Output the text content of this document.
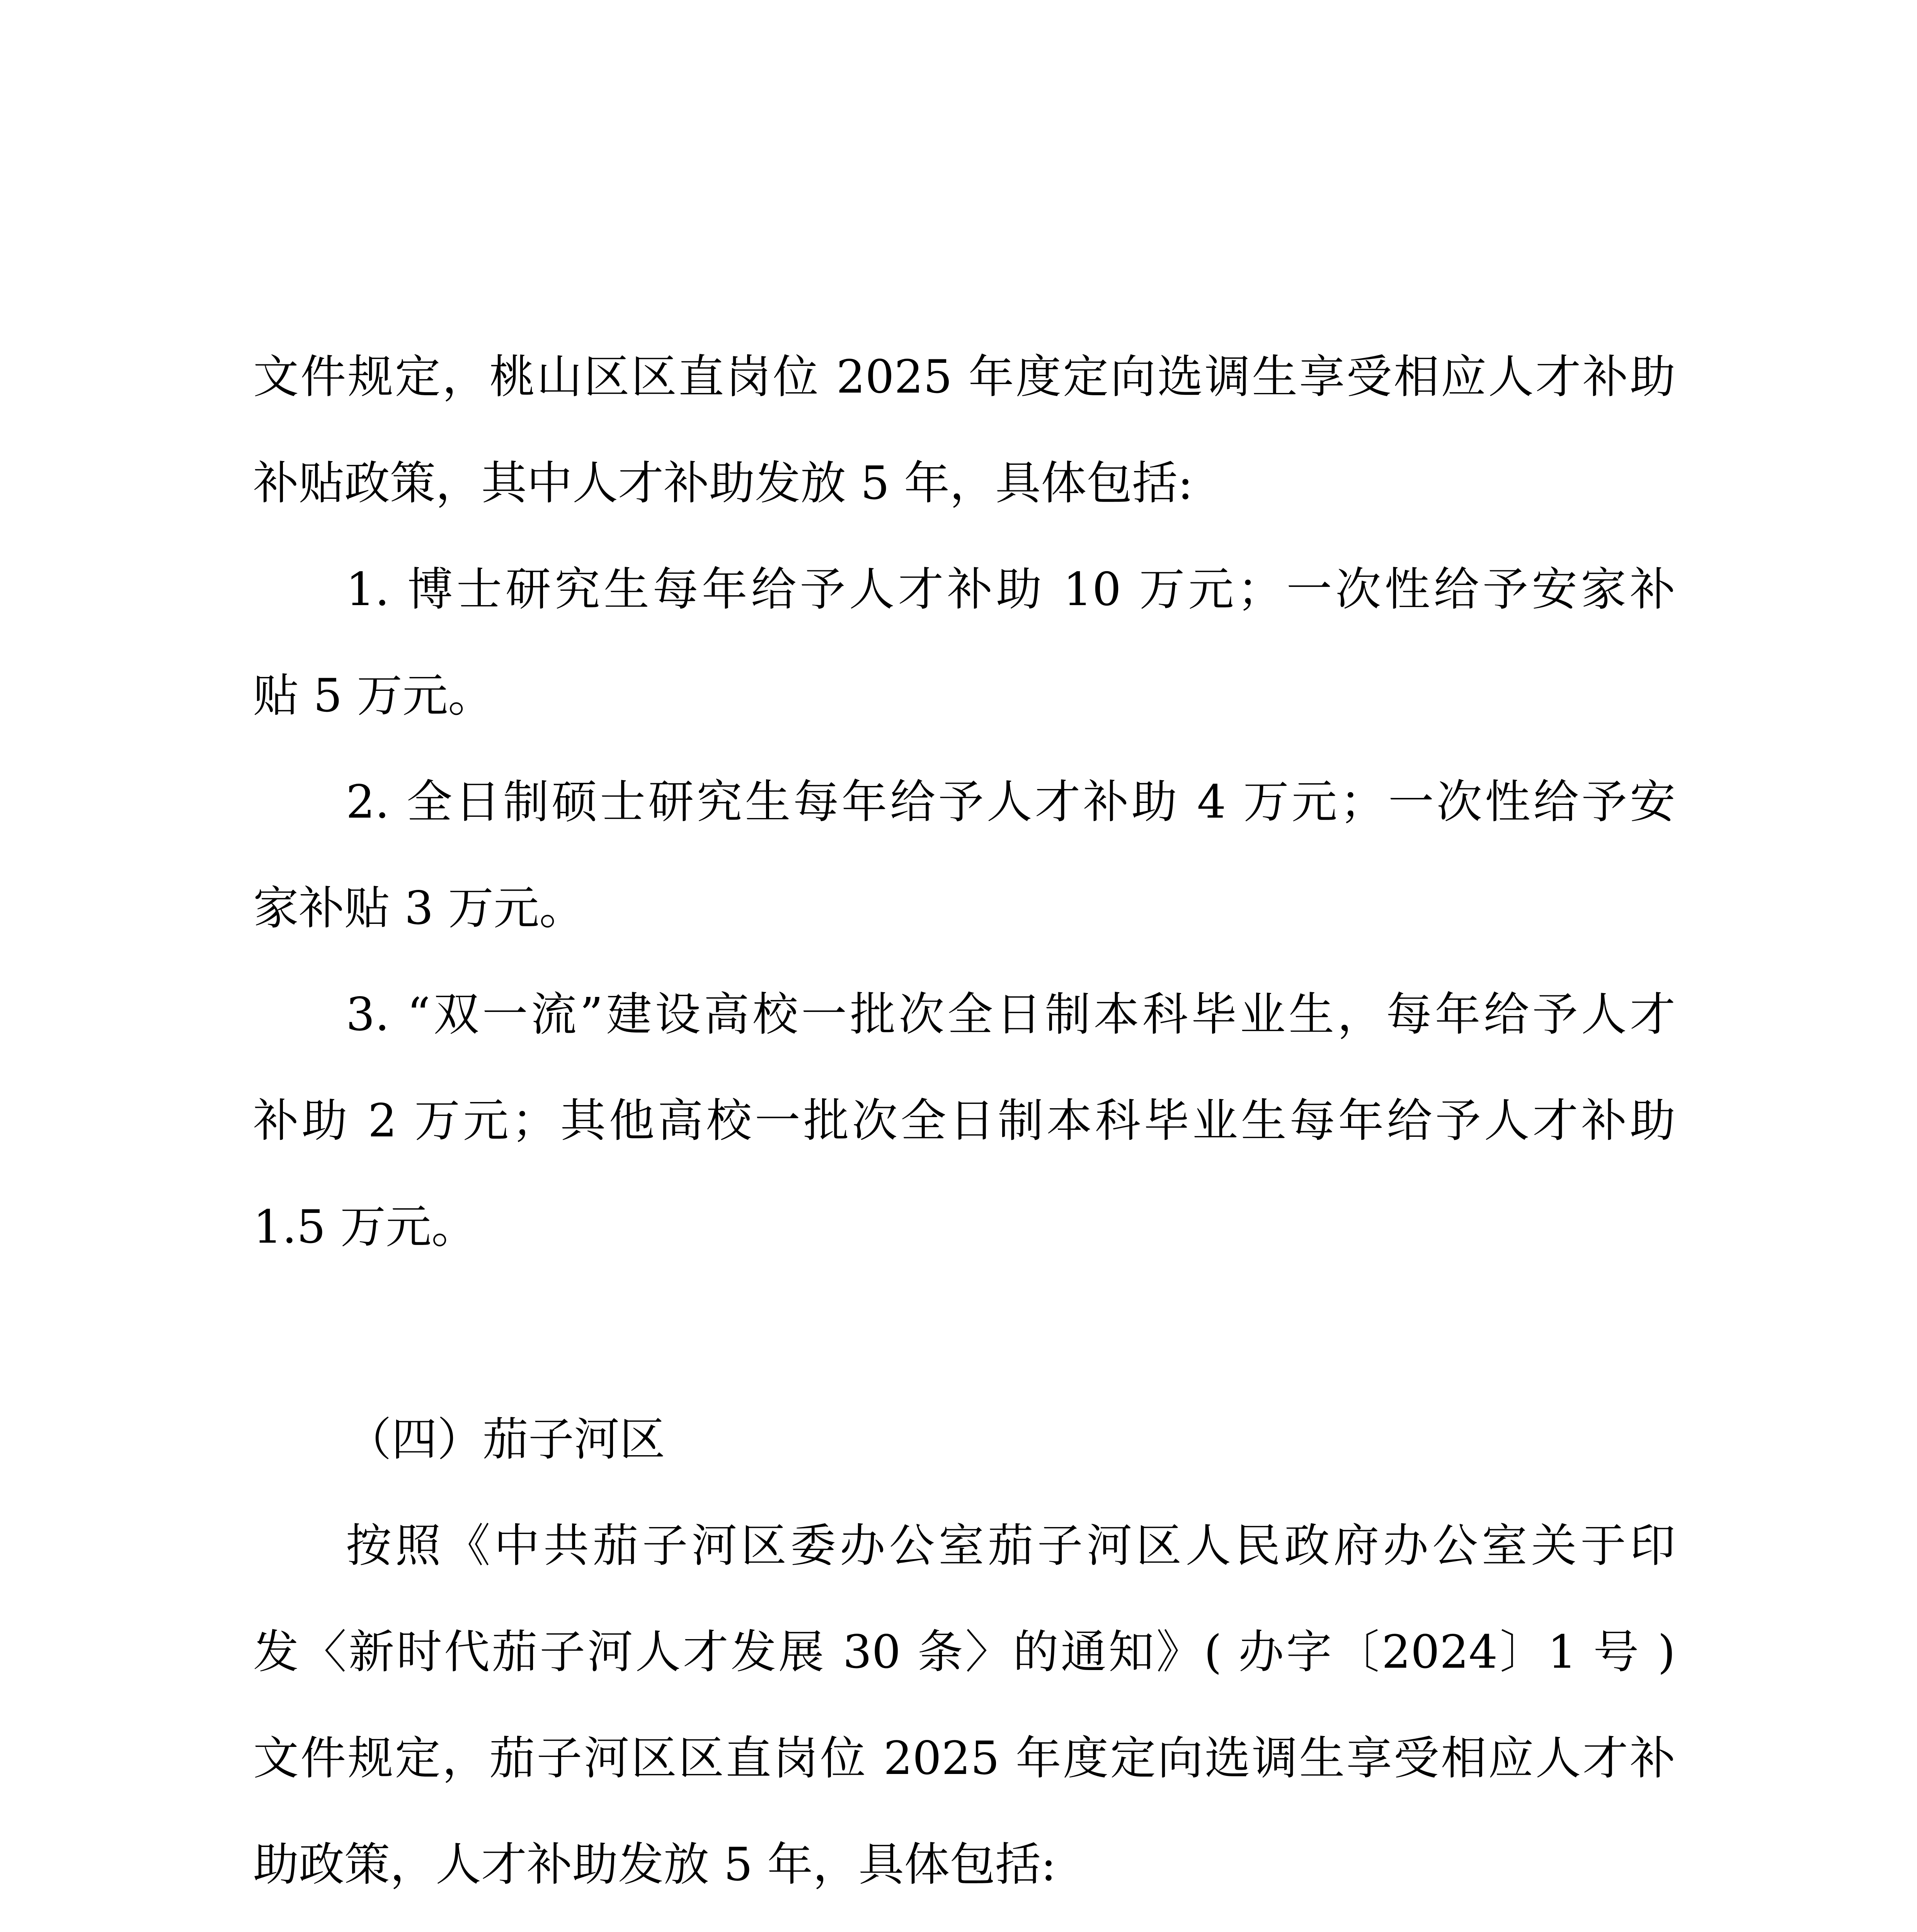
文件规定，桃山区区直岗位 2025 年度定向选调生享受相应人才补助
补贴政策，其中人才补助发放 5 年，具体包括:
1. 博士研究生每年给予人才补助 10 万元；一次性给予安家补
贴 5 万元。
2. 全日制硕士研究生每年给予人才补助 4 万元；一次性给予安
家补贴 3 万元。
3. “双一流”建设高校一批次全日制本科毕业生，每年给予人才
补助 2 万元；其他高校一批次全日制本科毕业生每年给予人才补助
1.5 万元。
（四）茄子河区
按照《中共茄子河区委办公室茄子河区人民政府办公室关于印
发〈新时代茄子河人才发展 30 条〉的通知》( 办字〔2024〕1 号 )
文件规定，茄子河区区直岗位 2025 年度定向选调生享受相应人才补
助政策，人才补助发放 5 年，具体包括:
